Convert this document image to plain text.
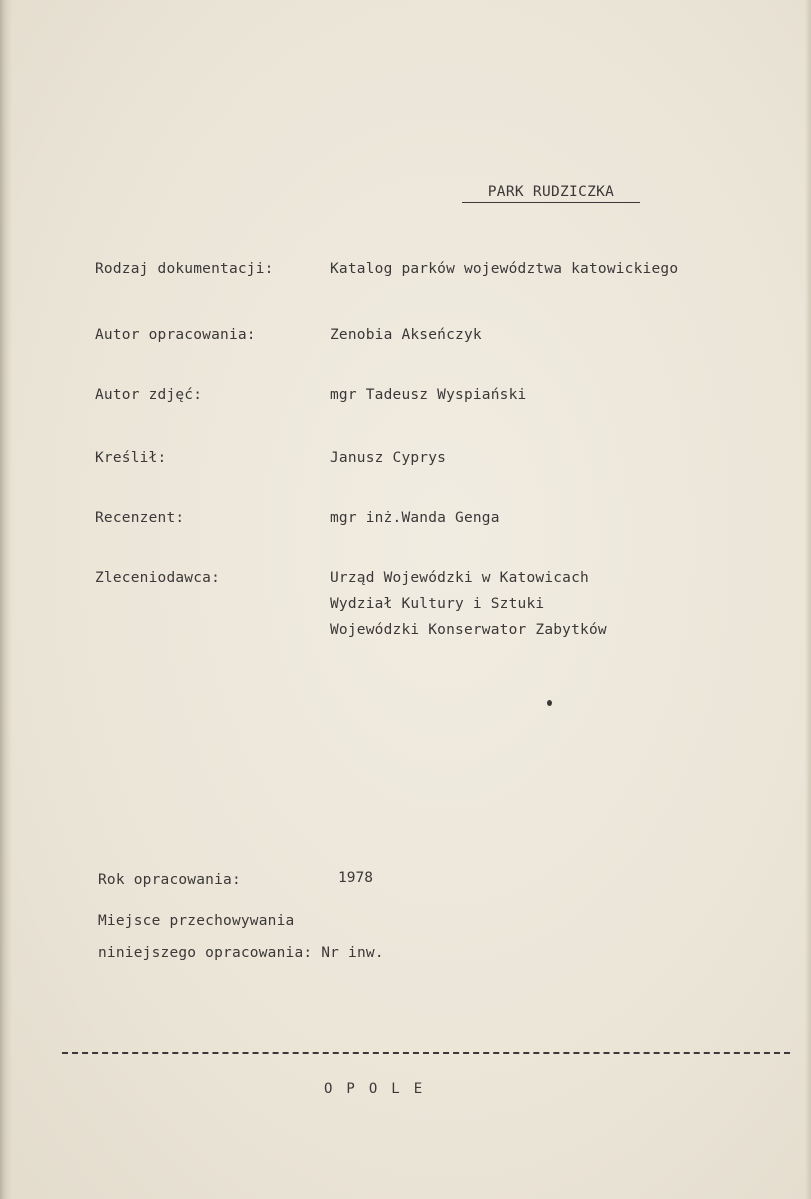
PARK RUDZICZKA
Rodzaj dokumentacji:	Katalog parków województwa katowickiego
Autor opracowania:	Zenobia Akseńczyk
Autor zdjęć:	mgr Tadeusz Wyspiański
Kreślił:	Janusz Cyprys
Recenzent:	mgr inż.Wanda Genga
Zleceniodawca:	Urząd Wojewódzki w Katowicach
Wydział Kultury i Sztuki
Wojewódzki Konserwator Zabytków
Rok opracowania:	1978
Miejsce przechowywania
niniejszego opracowania: Nr inw.
OPOLE
